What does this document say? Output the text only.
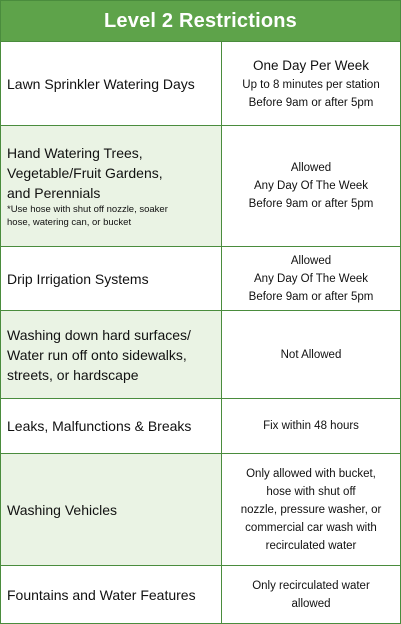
Level 2 Restrictions
Lawn Sprinkler Watering Days
One Day Per Week
Up to 8 minutes per station
Before 9am or after 5pm
Hand Watering Trees,
Vegetable/Fruit Gardens,
and Perennials
*Use hose with shut off nozzle, soaker
hose, watering can, or bucket
Allowed
Any Day Of The Week
Before 9am or after 5pm
Drip Irrigation Systems
Allowed
Any Day Of The Week
Before 9am or after 5pm
Washing down hard surfaces/
Water run off onto sidewalks,
streets, or hardscape
Not Allowed
Leaks, Malfunctions & Breaks	Fix within 48 hours
Washing Vehicles
Only allowed with bucket,
hose with shut off
nozzle, pressure washer, or
commercial car wash with
recirculated water
Fountains and Water Features
Only recirculated water
allowed
